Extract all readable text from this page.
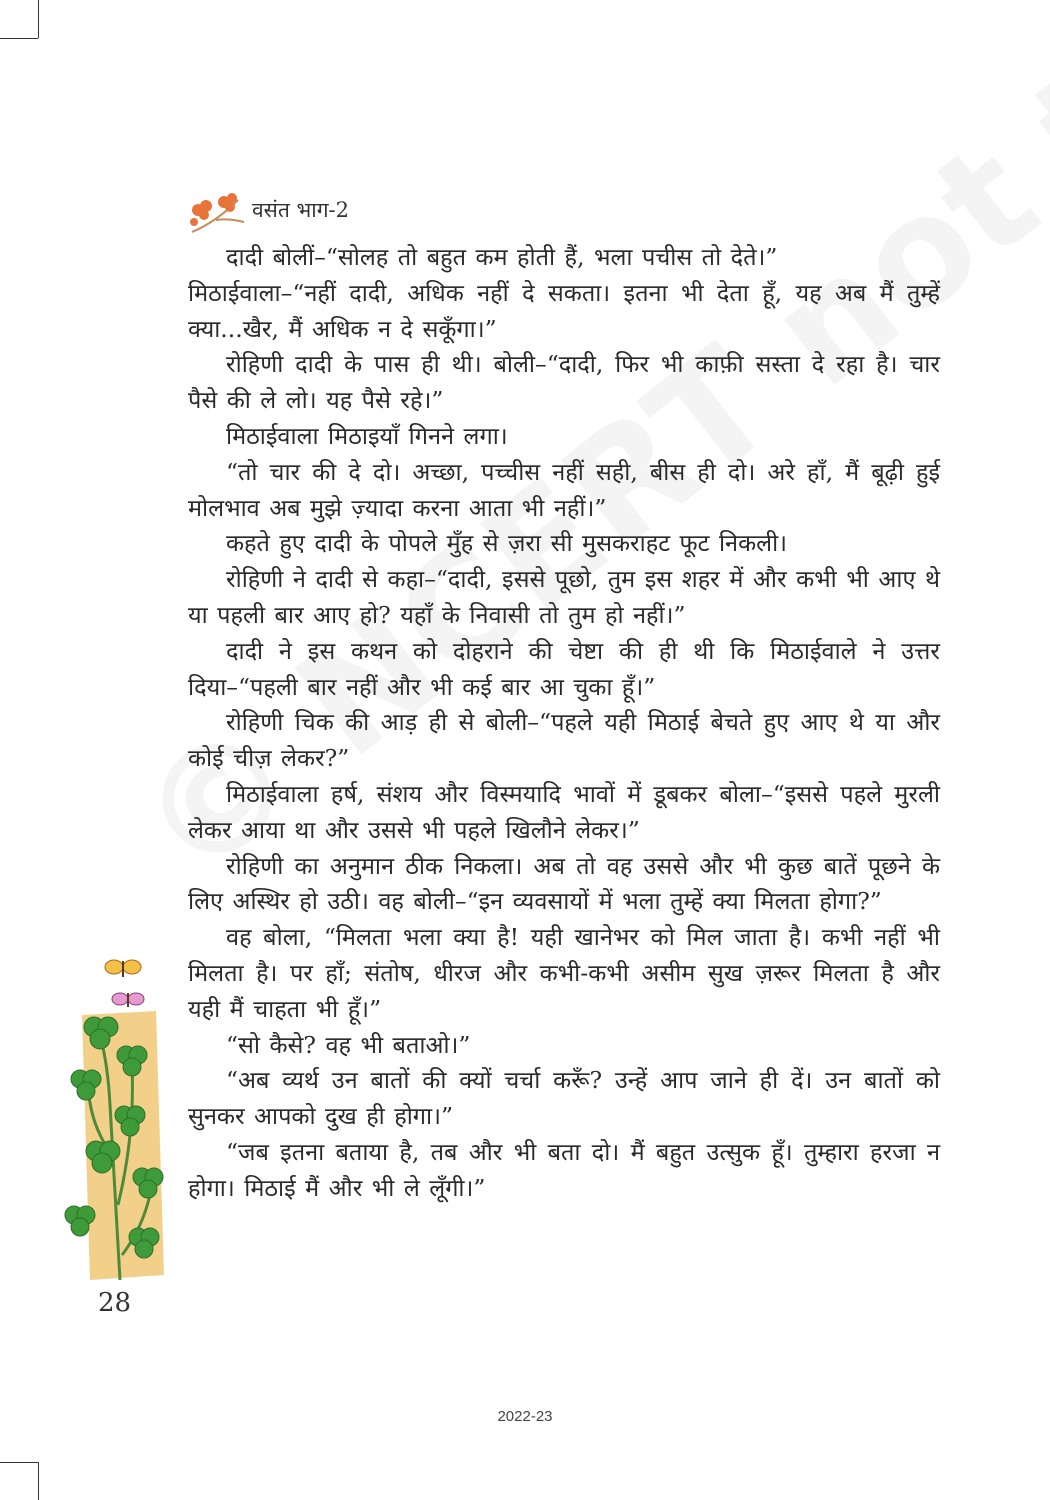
वसंत भाग-2

दादी बोलीं–“सोलह तो बहुत कम होती हैं, भला पचीस तो देते।”

मिठाईवाला–“नहीं दादी, अधिक नहीं दे सकता। इतना भी देता हूँ, यह अब मैं तुम्हें क्या...खैर, मैं अधिक न दे सकूँगा।”

रोहिणी दादी के पास ही थी। बोली–“दादी, फिर भी काफ़ी सस्ता दे रहा है। चार पैसे की ले लो। यह पैसे रहे।”

मिठाईवाला मिठाइयाँ गिनने लगा।

“तो चार की दे दो। अच्छा, पच्चीस नहीं सही, बीस ही दो। अरे हाँ, मैं बूढ़ी हुई मोलभाव अब मुझे ज़्यादा करना आता भी नहीं।”

कहते हुए दादी के पोपले मुँह से ज़रा सी मुसकराहट फूट निकली।

रोहिणी ने दादी से कहा–“दादी, इससे पूछो, तुम इस शहर में और कभी भी आए थे या पहली बार आए हो? यहाँ के निवासी तो तुम हो नहीं।”

दादी ने इस कथन को दोहराने की चेष्टा की ही थी कि मिठाईवाले ने उत्तर दिया–“पहली बार नहीं और भी कई बार आ चुका हूँ।”

रोहिणी चिक की आड़ ही से बोली–“पहले यही मिठाई बेचते हुए आए थे या और कोई चीज़ लेकर?”

मिठाईवाला हर्ष, संशय और विस्मयादि भावों में डूबकर बोला–“इससे पहले मुरली लेकर आया था और उससे भी पहले खिलौने लेकर।”

रोहिणी का अनुमान ठीक निकला। अब तो वह उससे और भी कुछ बातें पूछने के लिए अस्थिर हो उठी। वह बोली–“इन व्यवसायों में भला तुम्हें क्या मिलता होगा?”

वह बोला, “मिलता भला क्या है! यही खानेभर को मिल जाता है। कभी नहीं भी मिलता है। पर हाँ; संतोष, धीरज और कभी-कभी असीम सुख ज़रूर मिलता है और यही मैं चाहता भी हूँ।”

“सो कैसे? वह भी बताओ।”

“अब व्यर्थ उन बातों की क्यों चर्चा करूँ? उन्हें आप जाने ही दें। उन बातों को सुनकर आपको दुख ही होगा।”

“जब इतना बताया है, तब और भी बता दो। मैं बहुत उत्सुक हूँ। तुम्हारा हरजा न होगा। मिठाई मैं और भी ले लूँगी।”

28
2022-23
